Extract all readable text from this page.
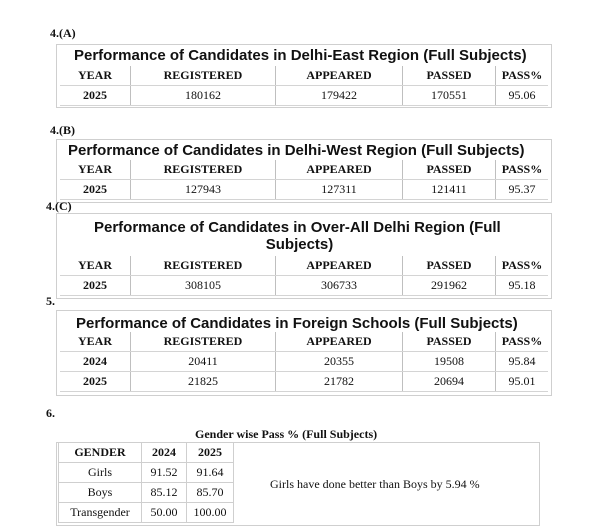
4.(A)
Performance of Candidates in Delhi-East Region (Full Subjects)
YEAR	REGISTERED	APPEARED	PASSED	PASS%
2025	180162	179422	170551	95.06
4.(B)
Performance of Candidates in Delhi-West Region (Full Subjects)
YEAR	REGISTERED	APPEARED	PASSED	PASS%
2025	127943	127311	121411	95.37
4.(C)
Performance of Candidates in Over-All Delhi Region (Full
Subjects)
YEAR	REGISTERED	APPEARED	PASSED	PASS%
2025	308105	306733	291962	95.18
5.
Performance of Candidates in Foreign Schools (Full Subjects)
YEAR	REGISTERED	APPEARED	PASSED	PASS%
2024	20411	20355	19508	95.84
2025	21825	21782	20694	95.01
6.
Gender wise Pass % (Full Subjects)
GENDER	2024	2025
Girls	91.52	91.64
Boys	85.12	85.70
Transgender	50.00	100.00
Girls have done better than Boys by 5.94 %
